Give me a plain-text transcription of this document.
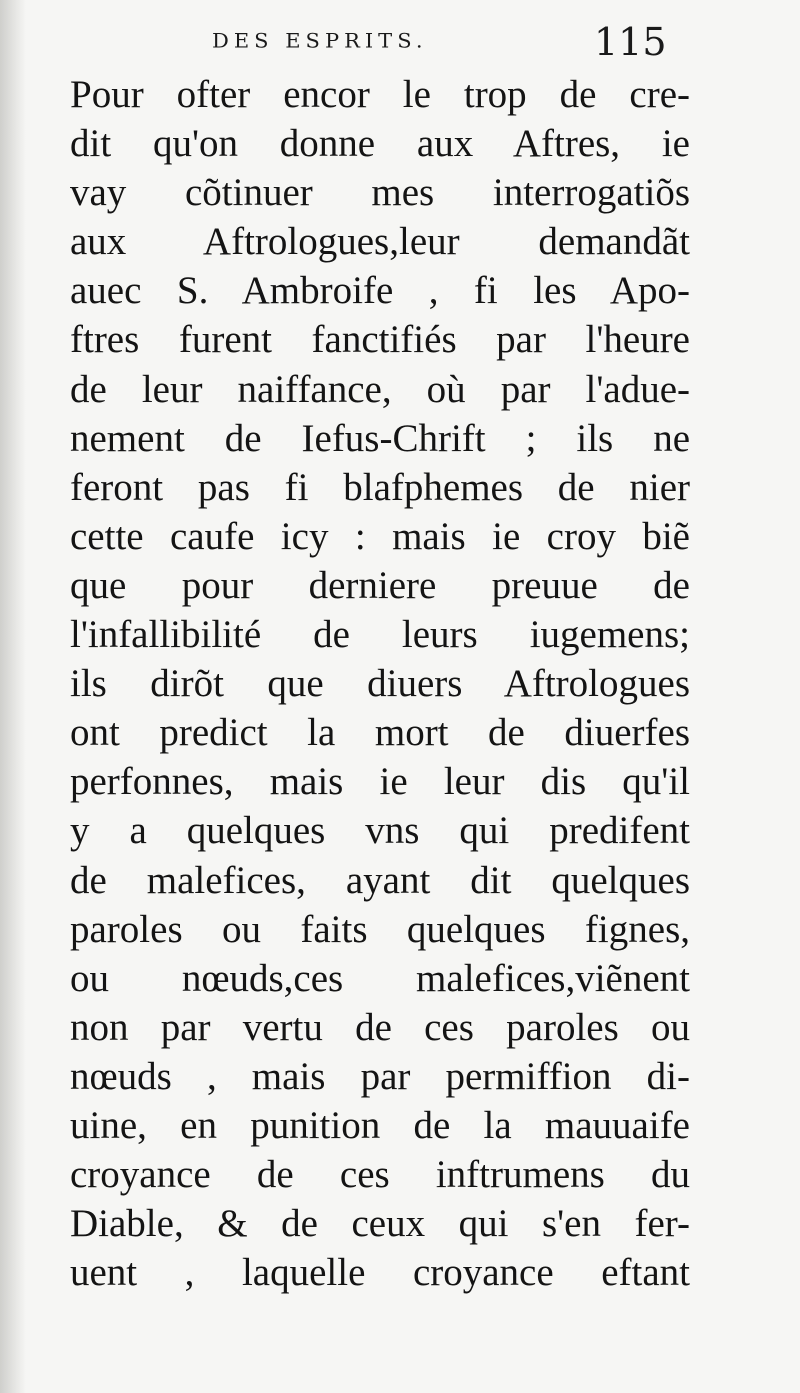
DES ESPRITS.	115
Pour ofter encor le trop de cre-
dit qu'on donne aux Aftres, ie
vay cõtinuer mes interrogatiõs
aux Aftrologues,leur demandãt
auec S. Ambroife , fi les Apo-
ftres furent fanctifiés par l'heure
de leur naiffance, où par l'adue-
nement de Iefus-Chrift ; ils ne
feront pas fi blafphemes de nier
cette caufe icy : mais ie croy biẽ
que pour derniere preuue de
l'infallibilité de leurs iugemens;
ils dirõt que diuers Aftrologues
ont predict la mort de diuerfes
perfonnes, mais ie leur dis qu'il
y a quelques vns qui predifent
de malefices, ayant dit quelques
paroles ou faits quelques fignes,
ou nœuds,ces malefices,viẽnent
non par vertu de ces paroles ou
nœuds , mais par permiffion di-
uine, en punition de la mauuaife
croyance de ces inftrumens du
Diable, & de ceux qui s'en fer-
uent , laquelle croyance eftant
